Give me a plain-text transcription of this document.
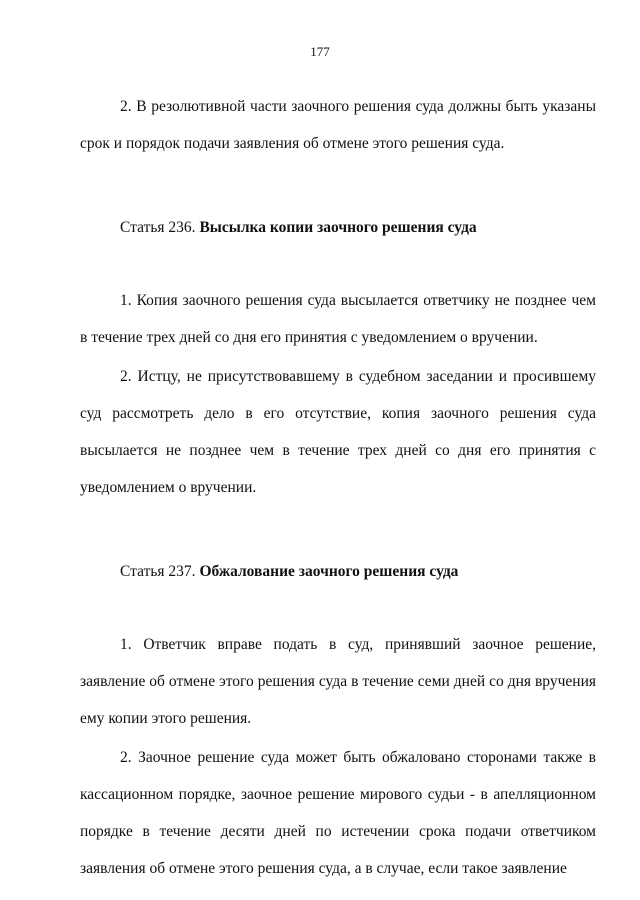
177

2. В резолютивной части заочного решения суда должны быть указаны срок и порядок подачи заявления об отмене этого решения суда.

Статья 236. Высылка копии заочного решения суда

1. Копия заочного решения суда высылается ответчику не позднее чем в течение трех дней со дня его принятия с уведомлением о вручении.

2. Истцу, не присутствовавшему в судебном заседании и просившему суд рассмотреть дело в его отсутствие, копия заочного решения суда высылается не позднее чем в течение трех дней со дня его принятия с уведомлением о вручении.

Статья 237. Обжалование заочного решения суда

1. Ответчик вправе подать в суд, принявший заочное решение, заявление об отмене этого решения суда в течение семи дней со дня вручения ему копии этого решения.

2. Заочное решение суда может быть обжаловано сторонами также в кассационном порядке, заочное решение мирового судьи - в апелляционном порядке в течение десяти дней по истечении срока подачи ответчиком заявления об отмене этого решения суда, а в случае, если такое заявление
